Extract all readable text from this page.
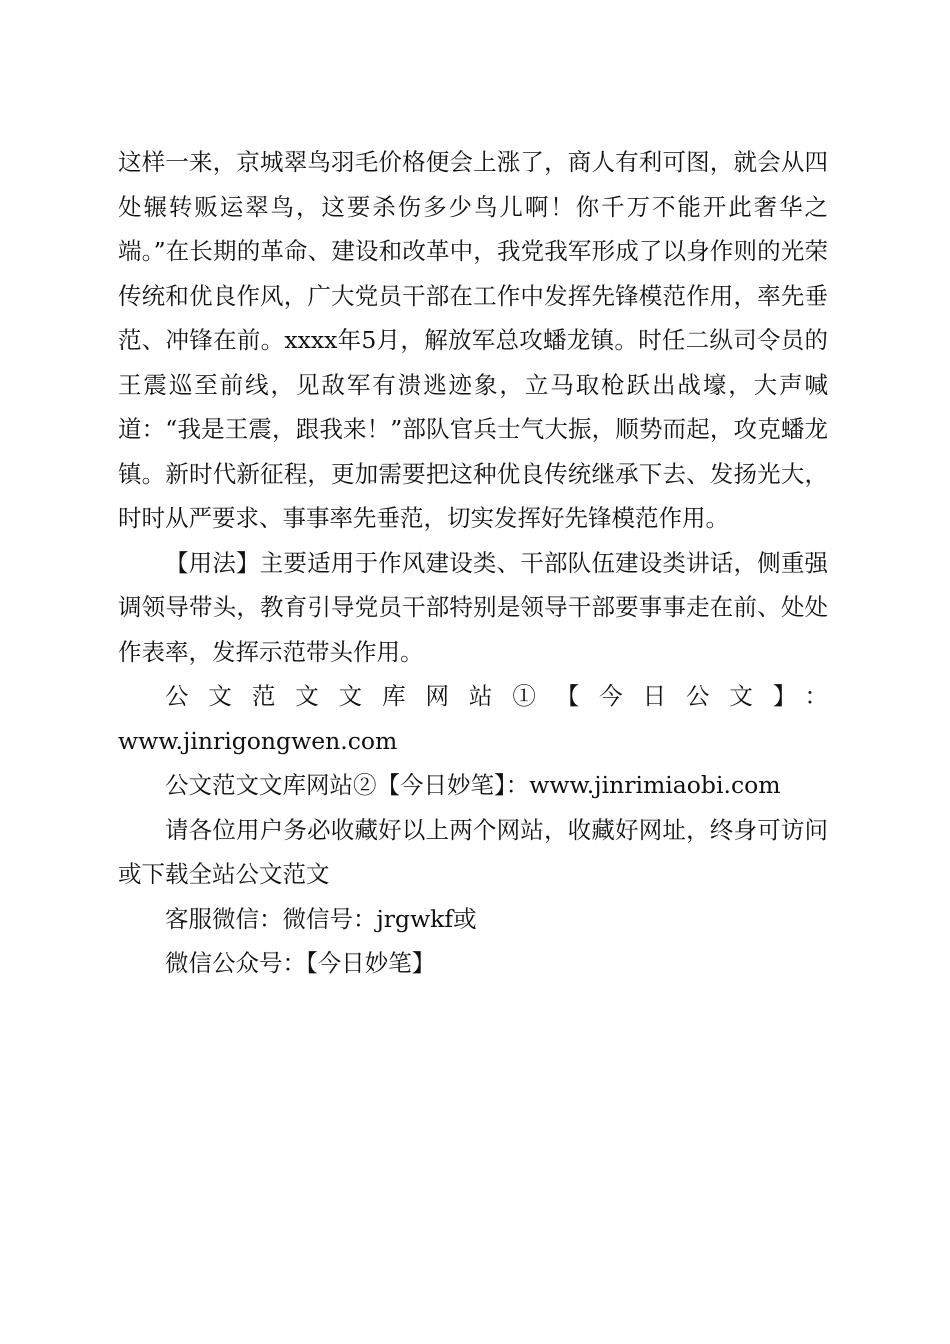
这样一来，京城翠鸟羽毛价格便会上涨了，商人有利可图，就会从四处辗转贩运翠鸟，这要杀伤多少鸟儿啊！你千万不能开此奢华之端。”在长期的革命、建设和改革中，我党我军形成了以身作则的光荣传统和优良作风，广大党员干部在工作中发挥先锋模范作用，率先垂范、冲锋在前。xxxx年5月，解放军总攻蟠龙镇。时任二纵司令员的王震巡至前线，见敌军有溃逃迹象，立马取枪跃出战壕，大声喊道：“我是王震，跟我来！”部队官兵士气大振，顺势而起，攻克蟠龙镇。新时代新征程，更加需要把这种优良传统继承下去、发扬光大，时时从严要求、事事率先垂范，切实发挥好先锋模范作用。

【用法】主要适用于作风建设类、干部队伍建设类讲话，侧重强调领导带头，教育引导党员干部特别是领导干部要事事走在前、处处作表率，发挥示范带头作用。

公文范文文库网站①【今日公文】：

www.jinrigongwen.com

公文范文文库网站②【今日妙笔】：www.jinrimiaobi.com

请各位用户务必收藏好以上两个网站，收藏好网址，终身可访问或下载全站公文范文

客服微信：微信号：jrgwkf或

微信公众号：【今日妙笔】
